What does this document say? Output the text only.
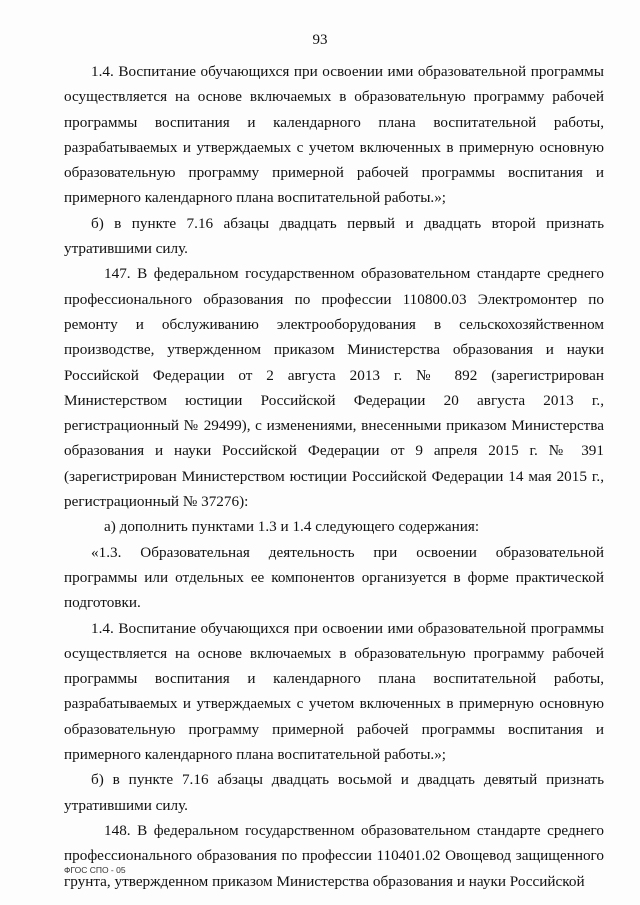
93

1.4. Воспитание обучающихся при освоении ими образовательной программы осуществляется на основе включаемых в образовательную программу рабочей программы воспитания и календарного плана воспитательной работы, разрабатываемых и утверждаемых с учетом включенных в примерную основную образовательную программу примерной рабочей программы воспитания и примерного календарного плана воспитательной работы.»;

б) в пункте 7.16 абзацы двадцать первый и двадцать второй признать утратившими силу.

147. В федеральном государственном образовательном стандарте среднего профессионального образования по профессии 110800.03 Электромонтер по ремонту и обслуживанию электрооборудования в сельскохозяйственном производстве, утвержденном приказом Министерства образования и науки Российской Федерации от 2 августа 2013 г. № 892 (зарегистрирован Министерством юстиции Российской Федерации 20 августа 2013 г., регистрационный № 29499), с изменениями, внесенными приказом Министерства образования и науки Российской Федерации от 9 апреля 2015 г. № 391 (зарегистрирован Министерством юстиции Российской Федерации 14 мая 2015 г., регистрационный № 37276):

а) дополнить пунктами 1.3 и 1.4 следующего содержания:

«1.3. Образовательная деятельность при освоении образовательной программы или отдельных ее компонентов организуется в форме практической подготовки.

1.4. Воспитание обучающихся при освоении ими образовательной программы осуществляется на основе включаемых в образовательную программу рабочей программы воспитания и календарного плана воспитательной работы, разрабатываемых и утверждаемых с учетом включенных в примерную основную образовательную программу примерной рабочей программы воспитания и примерного календарного плана воспитательной работы.»;

б) в пункте 7.16 абзацы двадцать восьмой и двадцать девятый признать утратившими силу.

148. В федеральном государственном образовательном стандарте среднего профессионального образования по профессии 110401.02 Овощевод защищенного грунта, утвержденном приказом Министерства образования и науки Российской

ФГОС СПО - 05
